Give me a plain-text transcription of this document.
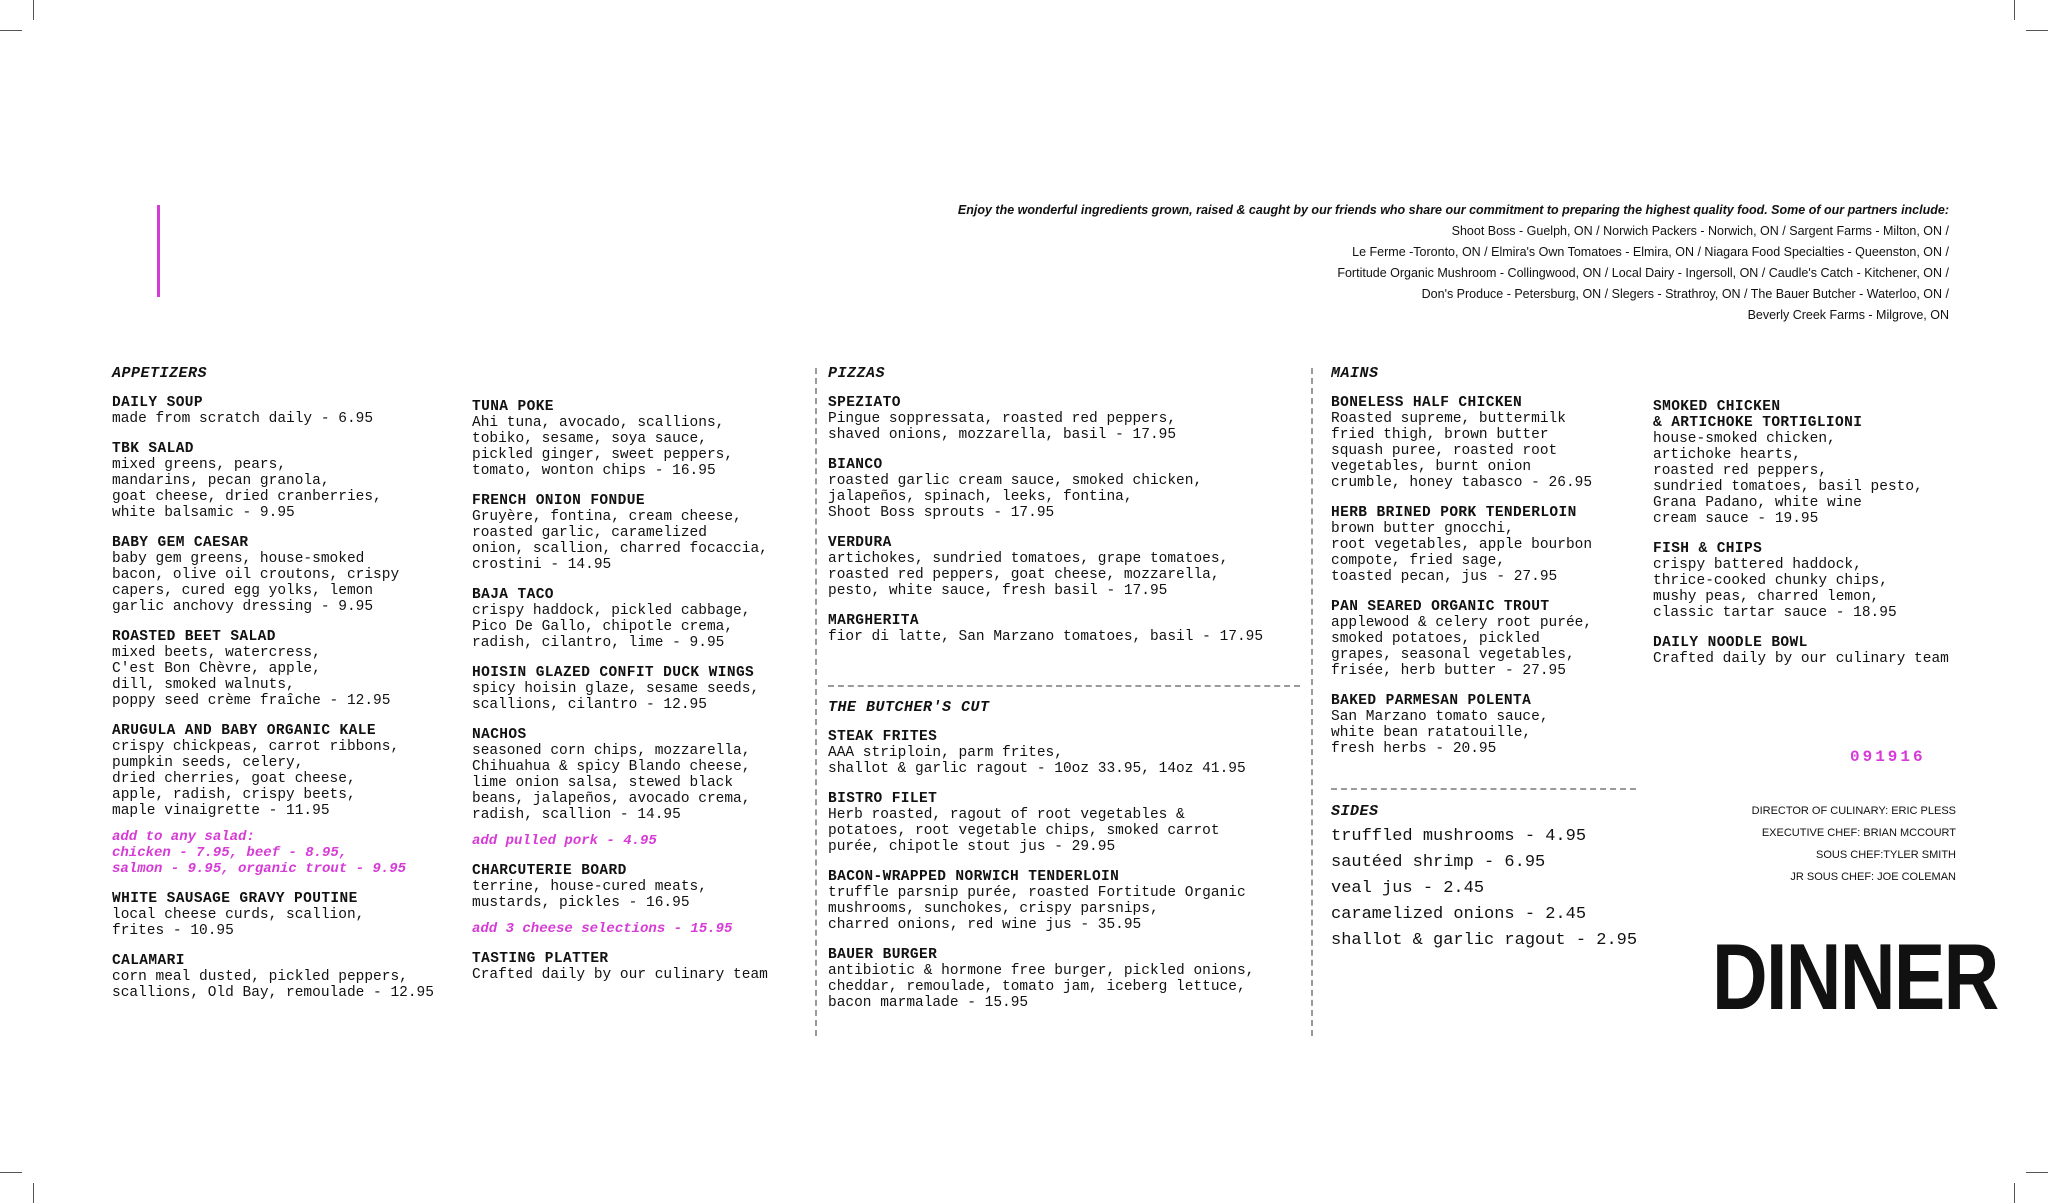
Enjoy the wonderful ingredients grown, raised & caught by our friends who share our commitment to preparing the highest quality food. Some of our partners include:
Shoot Boss - Guelph, ON / Norwich Packers - Norwich, ON / Sargent Farms - Milton, ON /
Le Ferme -Toronto, ON / Elmira's Own Tomatoes - Elmira, ON / Niagara Food Specialties - Queenston, ON /
Fortitude Organic Mushroom - Collingwood, ON / Local Dairy - Ingersoll, ON / Caudle's Catch - Kitchener, ON /
Don's Produce - Petersburg, ON / Slegers - Strathroy, ON / The Bauer Butcher - Waterloo, ON /
Beverly Creek Farms - Milgrove, ON
APPETIZERS
DAILY SOUP
made from scratch daily - 6.95
TBK SALAD
mixed greens, pears,
mandarins, pecan granola,
goat cheese, dried cranberries,
white balsamic - 9.95
BABY GEM CAESAR
baby gem greens, house-smoked
bacon, olive oil croutons, crispy
capers, cured egg yolks, lemon
garlic anchovy dressing - 9.95
ROASTED BEET SALAD
mixed beets, watercress,
C'est Bon Chèvre, apple,
dill, smoked walnuts,
poppy seed crème fraîche - 12.95
ARUGULA AND BABY ORGANIC KALE
crispy chickpeas, carrot ribbons,
pumpkin seeds, celery,
dried cherries, goat cheese,
apple, radish, crispy beets,
maple vinaigrette - 11.95
add to any salad:
chicken - 7.95, beef - 8.95,
salmon - 9.95, organic trout - 9.95
WHITE SAUSAGE GRAVY POUTINE
local cheese curds, scallion,
frites - 10.95
CALAMARI
corn meal dusted, pickled peppers,
scallions, Old Bay, remoulade - 12.95
TUNA POKE
Ahi tuna, avocado, scallions,
tobiko, sesame, soya sauce,
pickled ginger, sweet peppers,
tomato, wonton chips - 16.95
FRENCH ONION FONDUE
Gruyère, fontina, cream cheese,
roasted garlic, caramelized
onion, scallion, charred focaccia,
crostini - 14.95
BAJA TACO
crispy haddock, pickled cabbage,
Pico De Gallo, chipotle crema,
radish, cilantro, lime - 9.95
HOISIN GLAZED CONFIT DUCK WINGS
spicy hoisin glaze, sesame seeds,
scallions, cilantro - 12.95
NACHOS
seasoned corn chips, mozzarella,
Chihuahua & spicy Blando cheese,
lime onion salsa, stewed black
beans, jalapeños, avocado crema,
radish, scallion - 14.95
add pulled pork - 4.95
CHARCUTERIE BOARD
terrine, house-cured meats,
mustards, pickles - 16.95
add 3 cheese selections - 15.95
TASTING PLATTER
Crafted daily by our culinary team
PIZZAS
SPEZIATO
Pingue soppressata, roasted red peppers,
shaved onions, mozzarella, basil - 17.95
BIANCO
roasted garlic cream sauce, smoked chicken,
jalapeños, spinach, leeks, fontina,
Shoot Boss sprouts - 17.95
VERDURA
artichokes, sundried tomatoes, grape tomatoes,
roasted red peppers, goat cheese, mozzarella,
pesto, white sauce, fresh basil - 17.95
MARGHERITA
fior di latte, San Marzano tomatoes, basil - 17.95
THE BUTCHER'S CUT
STEAK FRITES
AAA striploin, parm frites,
shallot & garlic ragout - 10oz 33.95, 14oz 41.95
BISTRO FILET
Herb roasted, ragout of root vegetables &
potatoes, root vegetable chips, smoked carrot
purée, chipotle stout jus - 29.95
BACON-WRAPPED NORWICH TENDERLOIN
truffle parsnip purée, roasted Fortitude Organic
mushrooms, sunchokes, crispy parsnips,
charred onions, red wine jus - 35.95
BAUER BURGER
antibiotic & hormone free burger, pickled onions,
cheddar, remoulade, tomato jam, iceberg lettuce,
bacon marmalade - 15.95
MAINS
BONELESS HALF CHICKEN
Roasted supreme, buttermilk
fried thigh, brown butter
squash puree, roasted root
vegetables, burnt onion
crumble, honey tabasco - 26.95
HERB BRINED PORK TENDERLOIN
brown butter gnocchi,
root vegetables, apple bourbon
compote, fried sage,
toasted pecan, jus - 27.95
PAN SEARED ORGANIC TROUT
applewood & celery root purée,
smoked potatoes, pickled
grapes, seasonal vegetables,
frisée, herb butter - 27.95
BAKED PARMESAN POLENTA
San Marzano tomato sauce,
white bean ratatouille,
fresh herbs - 20.95
SMOKED CHICKEN
& ARTICHOKE TORTIGLIONI
house-smoked chicken,
artichoke hearts,
roasted red peppers,
sundried tomatoes, basil pesto,
Grana Padano, white wine
cream sauce - 19.95
FISH & CHIPS
crispy battered haddock,
thrice-cooked chunky chips,
mushy peas, charred lemon,
classic tartar sauce - 18.95
DAILY NOODLE BOWL
Crafted daily by our culinary team
091916
SIDES
truffled mushrooms - 4.95
sautéed shrimp - 6.95
veal jus - 2.45
caramelized onions - 2.45
shallot & garlic ragout - 2.95
DIRECTOR OF CULINARY: ERIC PLESS
EXECUTIVE CHEF: BRIAN MCCOURT
SOUS CHEF:TYLER SMITH
JR SOUS CHEF: JOE COLEMAN
DINNER
